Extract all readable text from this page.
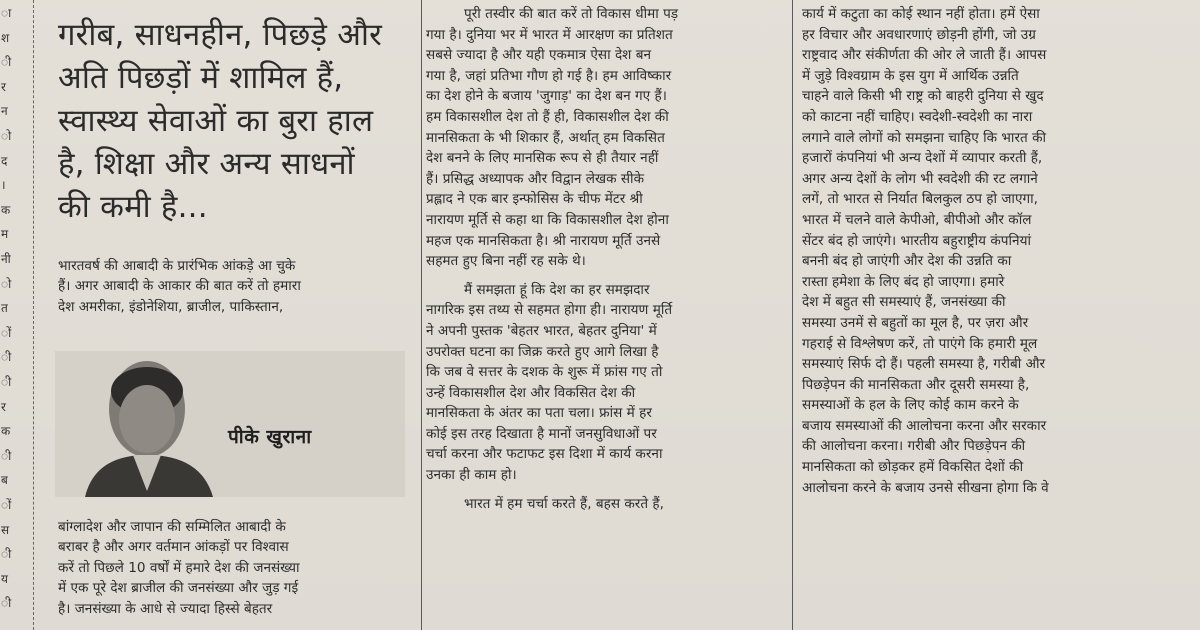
ा
श
ी
र
न
ो
द
।
क
म
नी
ो
त
ों
ी
ी
र
क
ी
ब
ों
स
ी
य
ी
गरीब, साधनहीन, पिछड़े और
अति पिछड़ों में शामिल हैं,
स्वास्थ्य सेवाओं का बुरा हाल
है, शिक्षा और अन्य साधनों
की कमी है...
भारतवर्ष की आबादी के प्रारंभिक आंकड़े आ चुके
हैं। अगर आबादी के आकार की बात करें तो हमारा
देश अमरीका, इंडोनेशिया, ब्राजील, पाकिस्तान,
पीके खुराना
बांग्लादेश और जापान की सम्मिलित आबादी के
बराबर है और अगर वर्तमान आंकड़ों पर विश्वास
करें तो पिछले 10 वर्षों में हमारे देश की जनसंख्या
में एक पूरे देश ब्राजील की जनसंख्या और जुड़ गई
है। जनसंख्या के आधे से ज्यादा हिस्से बेहतर
पूरी तस्वीर की बात करें तो विकास धीमा पड़
गया है। दुनिया भर में भारत में आरक्षण का प्रतिशत
सबसे ज्यादा है और यही एकमात्र ऐसा देश बन
गया है, जहां प्रतिभा गौण हो गई है। हम आविष्कार
का देश होने के बजाय 'जुगाड़' का देश बन गए हैं।
हम विकासशील देश तो हैं ही, विकासशील देश की
मानसिकता के भी शिकार हैं, अर्थात् हम विकसित
देश बनने के लिए मानसिक रूप से ही तैयार नहीं
हैं। प्रसिद्ध अध्यापक और विद्वान लेखक सीके
प्रह्लाद ने एक बार इन्फोसिस के चीफ मेंटर श्री
नारायण मूर्ति से कहा था कि विकासशील देश होना
महज एक मानसिकता है। श्री नारायण मूर्ति उनसे
सहमत हुए बिना नहीं रह सके थे।
मैं समझता हूं कि देश का हर समझदार
नागरिक इस तथ्य से सहमत होगा ही। नारायण मूर्ति
ने अपनी पुस्तक 'बेहतर भारत, बेहतर दुनिया' में
उपरोक्त घटना का जिक्र करते हुए आगे लिखा है
कि जब वे सत्तर के दशक के शुरू में फ्रांस गए तो
उन्हें विकासशील देश और विकसित देश की
मानसिकता के अंतर का पता चला। फ्रांस में हर
कोई इस तरह दिखाता है मानों जनसुविधाओं पर
चर्चा करना और फटाफट इस दिशा में कार्य करना
उनका ही काम हो।
भारत में हम चर्चा करते हैं, बहस करते हैं,
कार्य में कटुता का कोई स्थान नहीं होता। हमें ऐसा
हर विचार और अवधारणाएं छोड़नी होंगी, जो उग्र
राष्ट्रवाद और संकीर्णता की ओर ले जाती हैं। आपस
में जुड़े विश्वग्राम के इस युग में आर्थिक उन्नति
चाहने वाले किसी भी राष्ट्र को बाहरी दुनिया से खुद
को काटना नहीं चाहिए। स्वदेशी-स्वदेशी का नारा
लगाने वाले लोगों को समझना चाहिए कि भारत की
हजारों कंपनियां भी अन्य देशों में व्यापार करती हैं,
अगर अन्य देशों के लोग भी स्वदेशी की रट लगाने
लगें, तो भारत से निर्यात बिलकुल ठप हो जाएगा,
भारत में चलने वाले केपीओ, बीपीओ और कॉल
सेंटर बंद हो जाएंगे। भारतीय बहुराष्ट्रीय कंपनियां
बननी बंद हो जाएंगी और देश की उन्नति का
रास्ता हमेशा के लिए बंद हो जाएगा। हमारे
देश में बहुत सी समस्याएं हैं, जनसंख्या की
समस्या उनमें से बहुतों का मूल है, पर ज़रा और
गहराई से विश्लेषण करें, तो पाएंगे कि हमारी मूल
समस्याएं सिर्फ दो हैं। पहली समस्या है, गरीबी और
पिछड़ेपन की मानसिकता और दूसरी समस्या है,
समस्याओं के हल के लिए कोई काम करने के
बजाय समस्याओं की आलोचना करना और सरकार
की आलोचना करना। गरीबी और पिछड़ेपन की
मानसिकता को छोड़कर हमें विकसित देशों की
आलोचना करने के बजाय उनसे सीखना होगा कि वे
